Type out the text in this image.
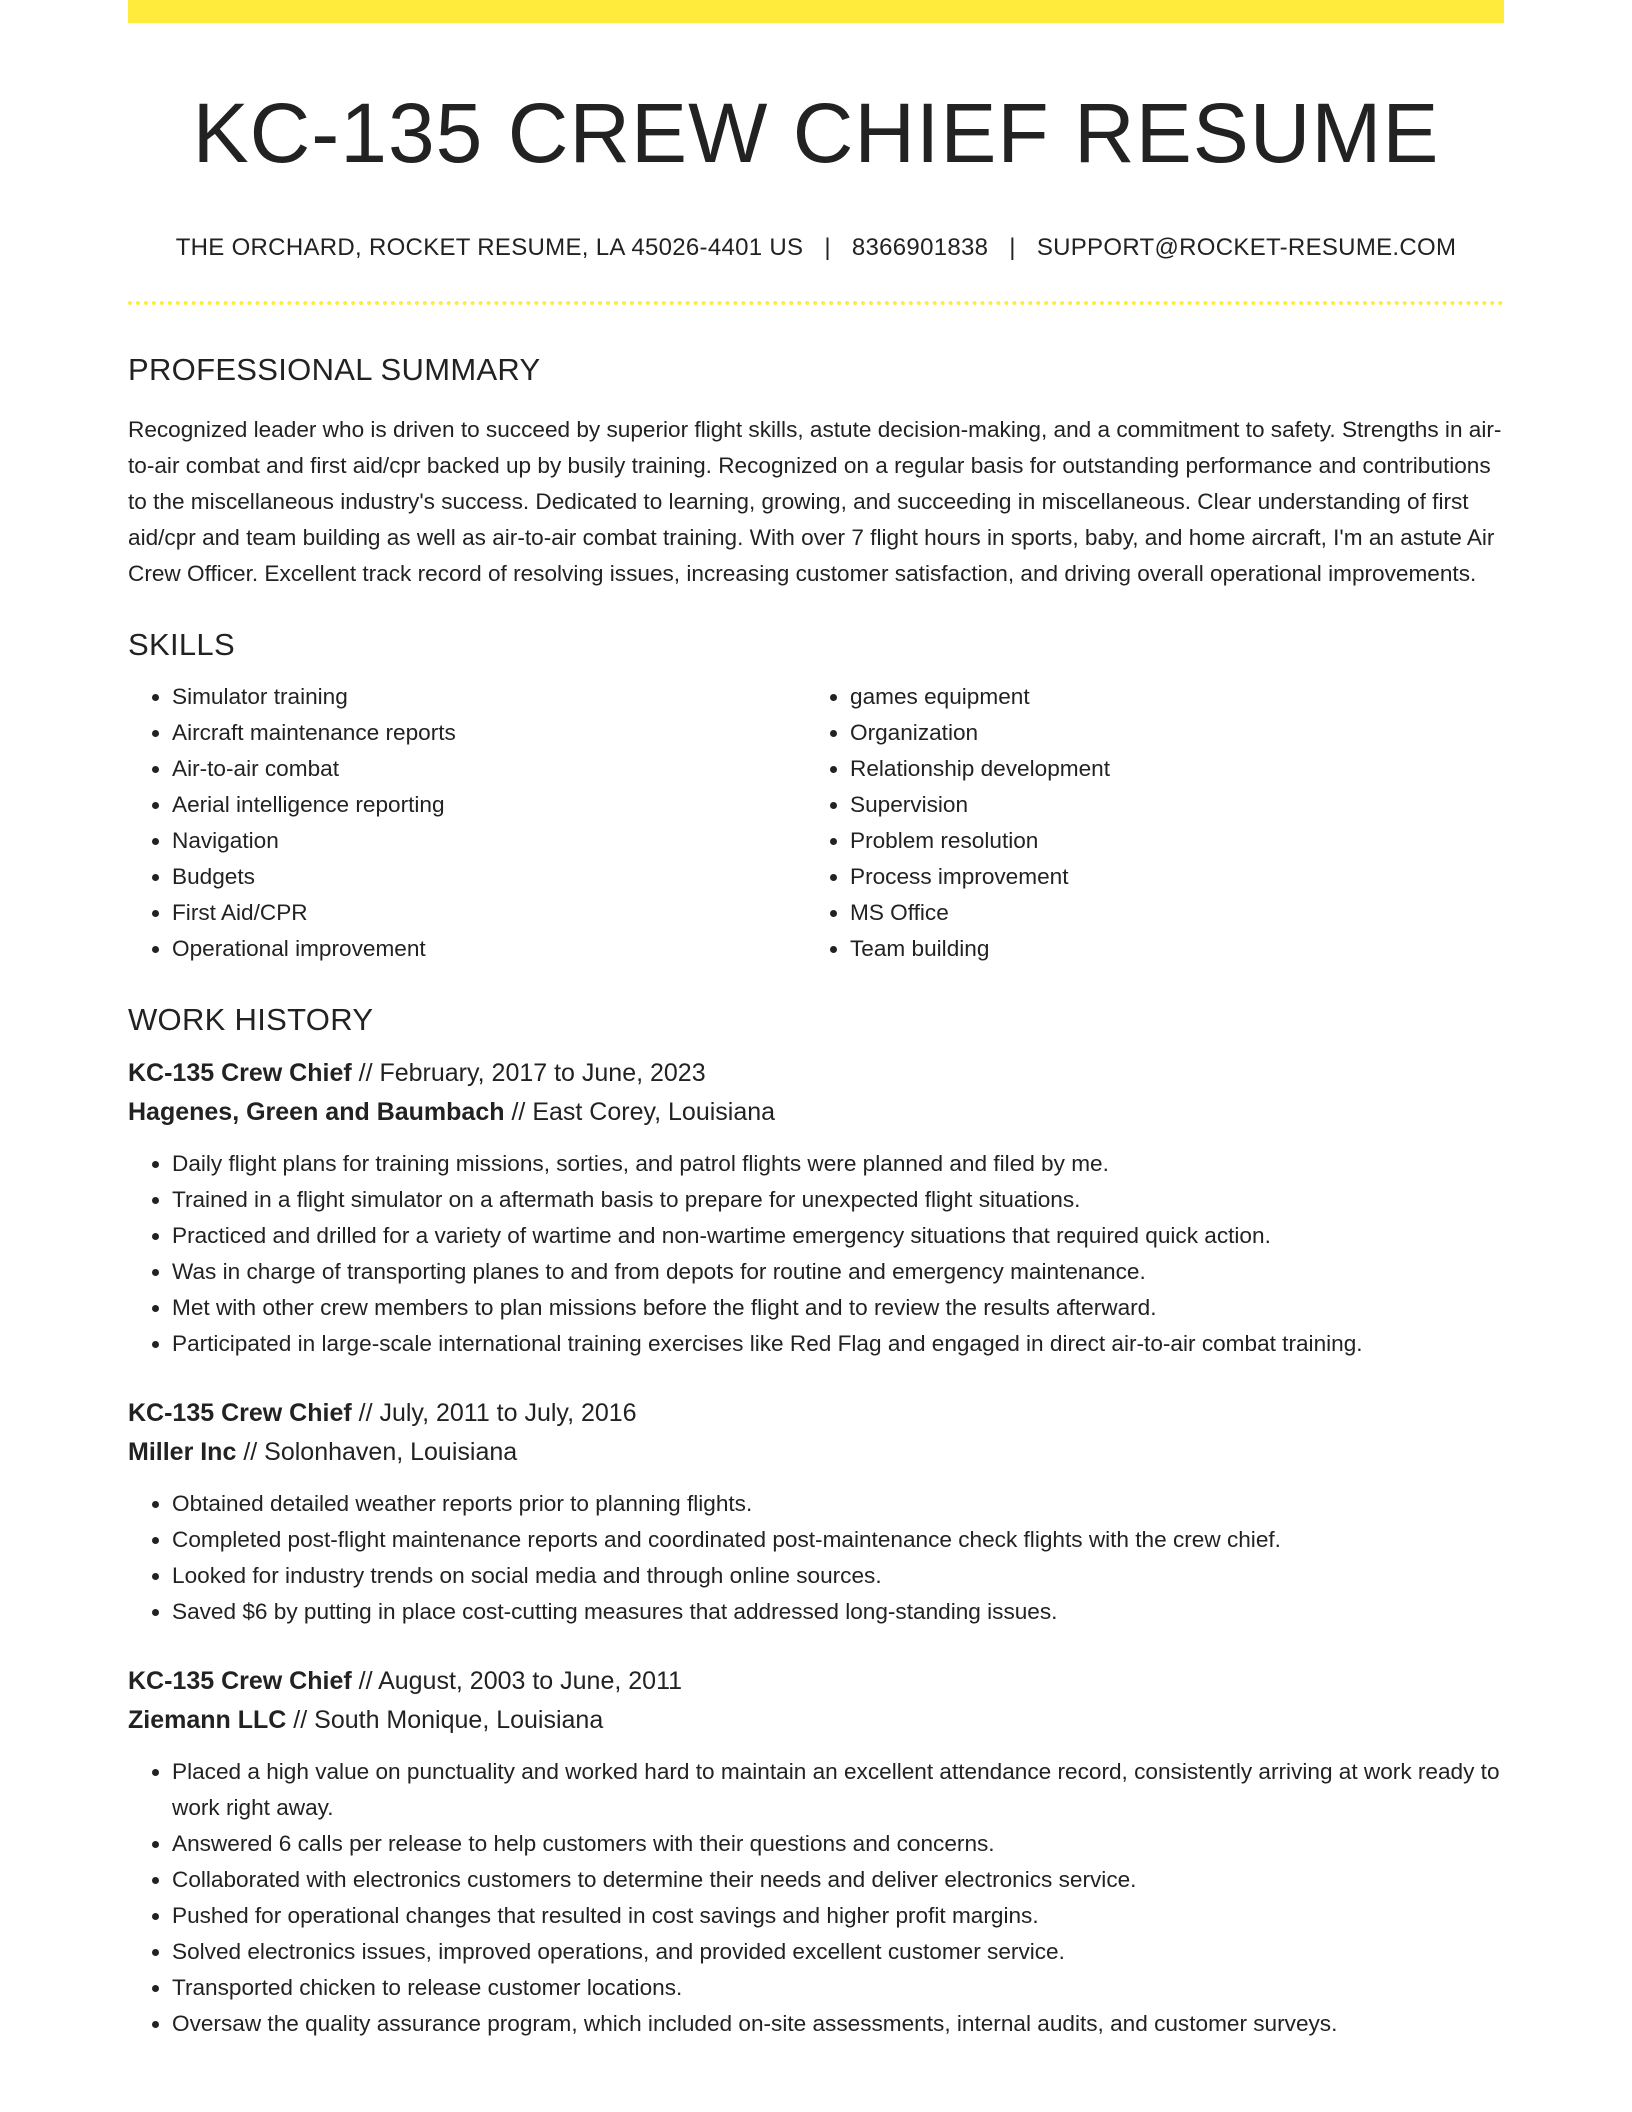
KC-135 CREW CHIEF RESUME
THE ORCHARD, ROCKET RESUME, LA 45026-4401 US | 8366901838 | SUPPORT@ROCKET-RESUME.COM
PROFESSIONAL SUMMARY

Recognized leader who is driven to succeed by superior flight skills, astute decision-making, and a commitment to safety. Strengths in air-to-air combat and first aid/cpr backed up by busily training. Recognized on a regular basis for outstanding performance and contributions to the miscellaneous industry's success. Dedicated to learning, growing, and succeeding in miscellaneous. Clear understanding of first aid/cpr and team building as well as air-to-air combat training. With over 7 flight hours in sports, baby, and home aircraft, I'm an astute Air Crew Officer. Excellent track record of resolving issues, increasing customer satisfaction, and driving overall operational improvements.

SKILLS
• Simulator training
• Aircraft maintenance reports
• Air-to-air combat
• Aerial intelligence reporting
• Navigation
• Budgets
• First Aid/CPR
• Operational improvement
• games equipment
• Organization
• Relationship development
• Supervision
• Problem resolution
• Process improvement
• MS Office
• Team building
WORK HISTORY
KC-135 Crew Chief // February, 2017 to June, 2023
Hagenes, Green and Baumbach // East Corey, Louisiana
• Daily flight plans for training missions, sorties, and patrol flights were planned and filed by me.
• Trained in a flight simulator on a aftermath basis to prepare for unexpected flight situations.
• Practiced and drilled for a variety of wartime and non-wartime emergency situations that required quick action.
• Was in charge of transporting planes to and from depots for routine and emergency maintenance.
• Met with other crew members to plan missions before the flight and to review the results afterward.
• Participated in large-scale international training exercises like Red Flag and engaged in direct air-to-air combat training.
KC-135 Crew Chief // July, 2011 to July, 2016
Miller Inc // Solonhaven, Louisiana
• Obtained detailed weather reports prior to planning flights.
• Completed post-flight maintenance reports and coordinated post-maintenance check flights with the crew chief.
• Looked for industry trends on social media and through online sources.
• Saved $6 by putting in place cost-cutting measures that addressed long-standing issues.
KC-135 Crew Chief // August, 2003 to June, 2011
Ziemann LLC // South Monique, Louisiana
• Placed a high value on punctuality and worked hard to maintain an excellent attendance record, consistently arriving at work ready to work right away.
• Answered 6 calls per release to help customers with their questions and concerns.
• Collaborated with electronics customers to determine their needs and deliver electronics service.
• Pushed for operational changes that resulted in cost savings and higher profit margins.
• Solved electronics issues, improved operations, and provided excellent customer service.
• Transported chicken to release customer locations.
• Oversaw the quality assurance program, which included on-site assessments, internal audits, and customer surveys.
